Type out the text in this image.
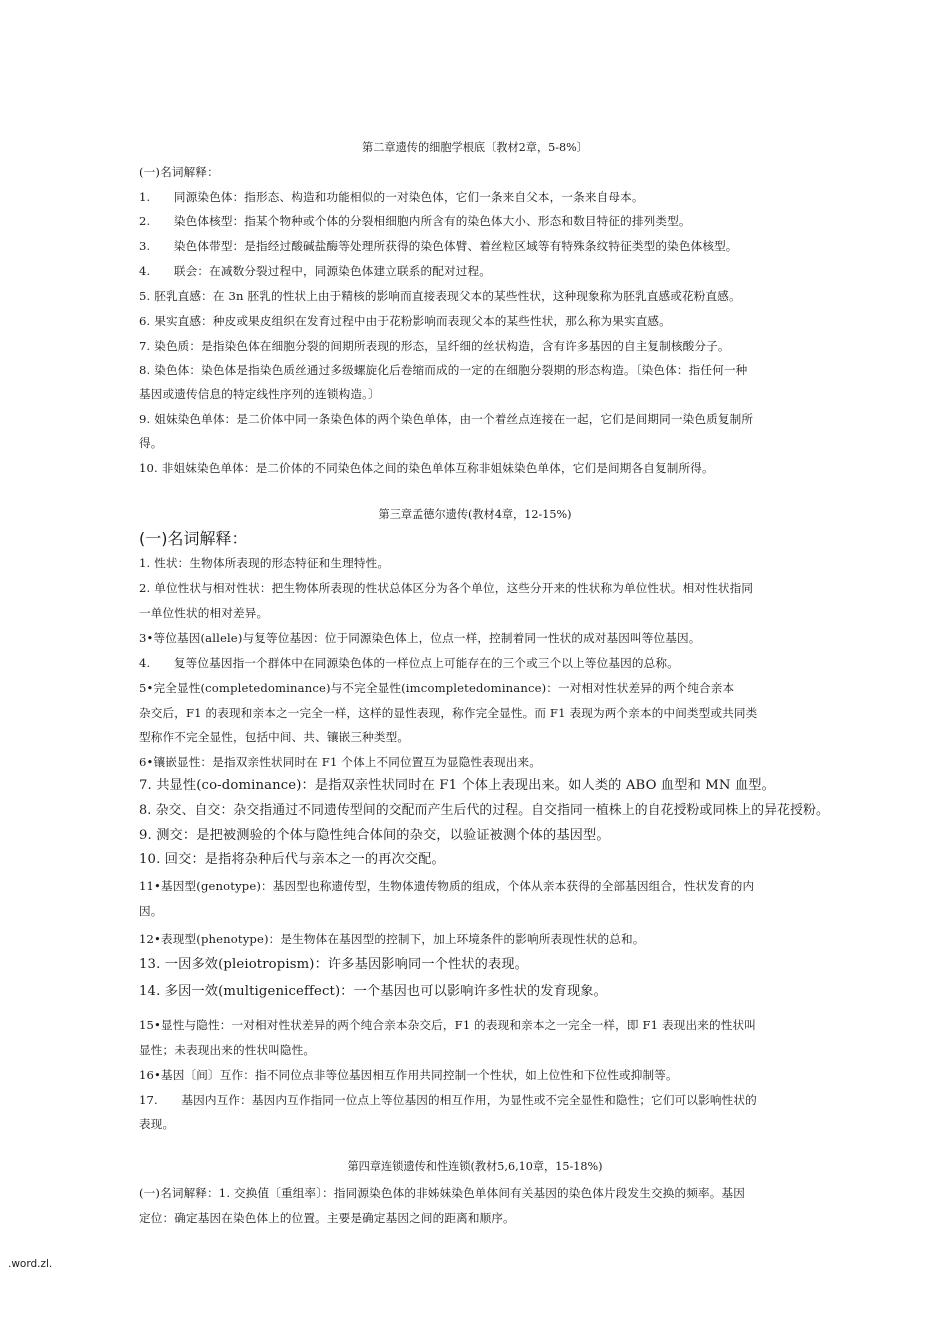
第二章遗传的细胞学根底〔教材2章，5-8%〕
(一)名词解释：
1.　　同源染色体：指形态、构造和功能相似的一对染色体，它们一条来自父本，一条来自母本。
2.　　染色体核型：指某个物种或个体的分裂相细胞内所含有的染色体大小、形态和数目特征的排列类型。
3.　　染色体带型：是指经过酸碱盐酶等处理所获得的染色体臂、着丝粒区域等有特殊条纹特征类型的染色体核型。
4.　　联会：在减数分裂过程中，同源染色体建立联系的配对过程。
5. 胚乳直感：在 3n 胚乳的性状上由于精核的影响而直接表现父本的某些性状，这种现象称为胚乳直感或花粉直感。
6. 果实直感：种皮或果皮组织在发育过程中由于花粉影响而表现父本的某些性状，那么称为果实直感。
7. 染色质：是指染色体在细胞分裂的间期所表现的形态，呈纤细的丝状构造，含有许多基因的自主复制核酸分子。
8. 染色体：染色体是指染色质丝通过多级螺旋化后卷缩而成的一定的在细胞分裂期的形态构造。〔染色体：指任何一种
基因或遗传信息的特定线性序列的连锁构造。〕
9. 姐妹染色单体：是二价体中同一条染色体的两个染色单体，由一个着丝点连接在一起，它们是间期同一染色质复制所
得。
10. 非姐妹染色单体：是二价体的不同染色体之间的染色单体互称非姐妹染色单体，它们是间期各自复制所得。
第三章孟德尔遗传(教材4章，12-15%)
(一)名词解释：
1. 性状：生物体所表现的形态特征和生理特性。
2. 单位性状与相对性状：把生物体所表现的性状总体区分为各个单位，这些分开来的性状称为单位性状。相对性状指同
一单位性状的相对差异。
3•等位基因(allele)与复等位基因：位于同源染色体上，位点一样，控制着同一性状的成对基因叫等位基因。
4.　　复等位基因指一个群体中在同源染色体的一样位点上可能存在的三个或三个以上等位基因的总称。
5•完全显性(completedominance)与不完全显性(imcompletedominance)：一对相对性状差异的两个纯合亲本
杂交后，F1 的表现和亲本之一完全一样，这样的显性表现，称作完全显性。而 F1 表现为两个亲本的中间类型或共同类
型称作不完全显性，包括中间、共、镶嵌三种类型。
6•镶嵌显性：是指双亲性状同时在 F1 个体上不同位置互为显隐性表现出来。
7. 共显性(co-dominance)：是指双亲性状同时在 F1 个体上表现出来。如人类的 ABO 血型和 MN 血型。
8. 杂交、自交：杂交指通过不同遗传型间的交配而产生后代的过程。自交指同一植株上的自花授粉或同株上的异花授粉。
9. 测交：是把被测验的个体与隐性纯合体间的杂交，以验证被测个体的基因型。
10. 回交：是指将杂种后代与亲本之一的再次交配。
11•基因型(genotype)：基因型也称遗传型，生物体遗传物质的组成，个体从亲本获得的全部基因组合，性状发育的内
因。
12•表现型(phenotype)：是生物体在基因型的控制下，加上环境条件的影响所表现性状的总和。
13. 一因多效(pleiotropism)：许多基因影响同一个性状的表现。
14. 多因一效(multigeniceffect)：一个基因也可以影响许多性状的发育现象。
15•显性与隐性：一对相对性状差异的两个纯合亲本杂交后，F1 的表现和亲本之一完全一样，即 F1 表现出来的性状叫
显性；未表现出来的性状叫隐性。
16•基因〔间〕互作：指不同位点非等位基因相互作用共同控制一个性状，如上位性和下位性或抑制等。
17.　　基因内互作：基因内互作指同一位点上等位基因的相互作用，为显性或不完全显性和隐性；它们可以影响性状的
表现。
第四章连锁遗传和性连锁(教材5,6,10章，15-18%)
(一)名词解释：1. 交换值〔重组率〕：指同源染色体的非姊妹染色单体间有关基因的染色体片段发生交换的频率。基因
定位：确定基因在染色体上的位置。主要是确定基因之间的距离和顺序。
.word.zl.
